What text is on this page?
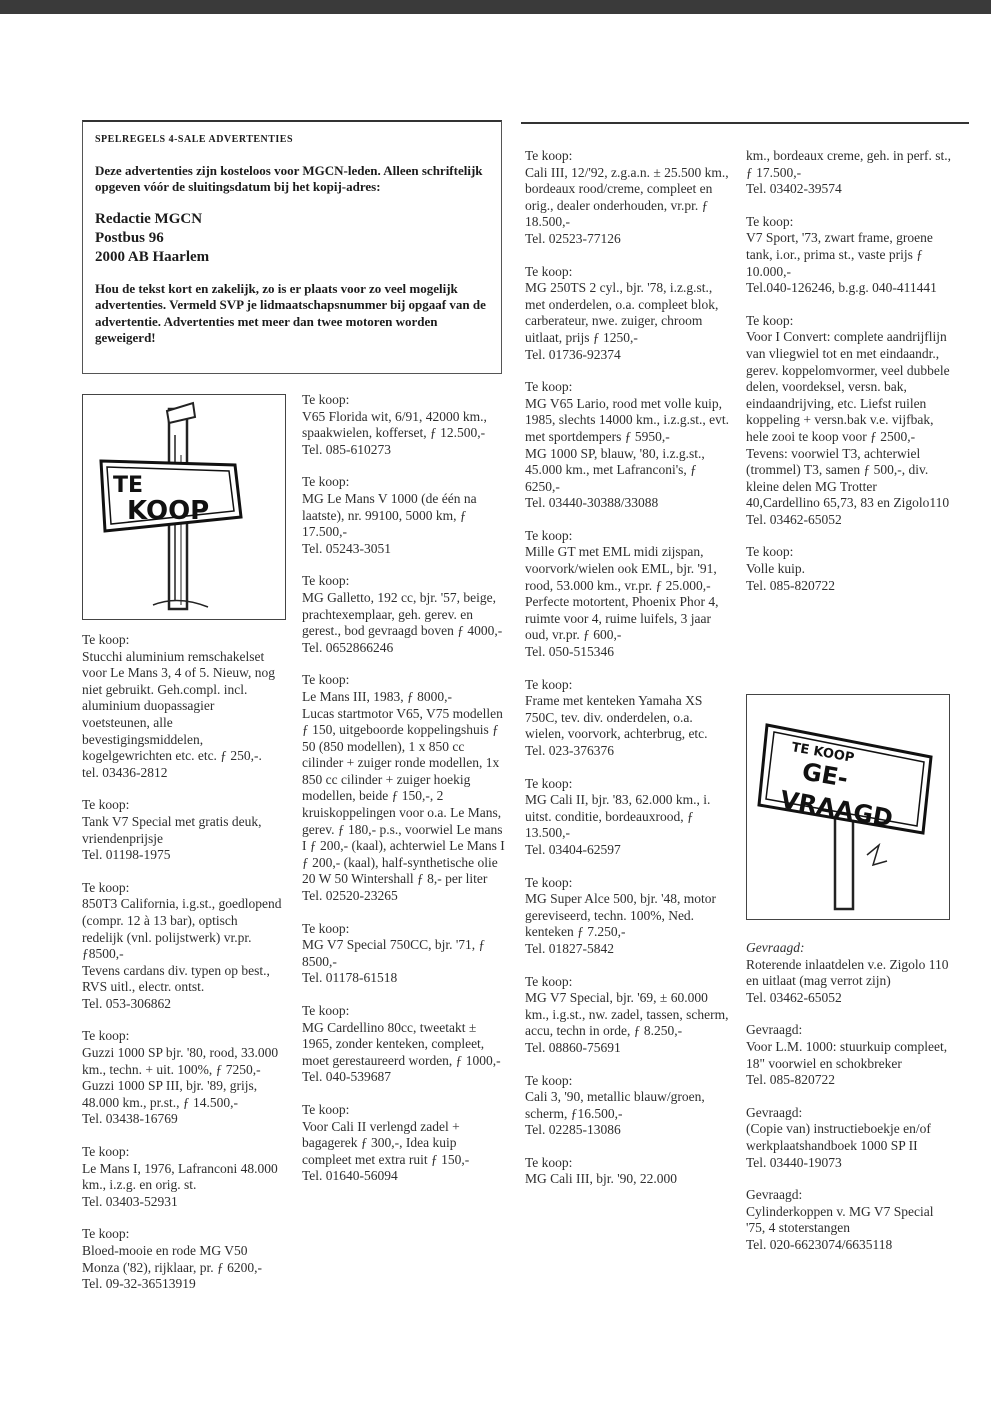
SPELREGELS 4-SALE ADVERTENTIES

Deze advertenties zijn kosteloos voor MGCN-leden. Alleen schriftelijk opgeven vóór de sluitingsdatum bij het kopij-adres:

Redactie MGCN
Postbus 96
2000 AB Haarlem

Hou de tekst kort en zakelijk, zo is er plaats voor zo veel mogelijk advertenties. Vermeld SVP je lidmaatschapsnummer bij opgaaf van de advertentie. Advertenties met meer dan twee motoren worden geweigerd!

TE
KOOP
TE KOOP
GE-
VRAAGD
Te koop:
Stucchi aluminium remschakelset voor Le Mans 3, 4 of 5. Nieuw, nog niet gebruikt. Geh.compl. incl. aluminium duopassagier voetsteunen, alle bevestigingsmiddelen, kogelgewrichten etc. etc. ƒ 250,-. tel. 03436-2812
Te koop:
Tank V7 Special met gratis deuk, vriendenprijsje
Tel. 01198-1975
Te koop:
850T3 California, i.g.st., goedlopend (compr. 12 à 13 bar), optisch redelijk (vnl. polijstwerk) vr.pr. ƒ8500,-
Tevens cardans div. typen op best., RVS uitl., electr. ontst.
Tel. 053-306862
Te koop:
Guzzi 1000 SP bjr. '80, rood, 33.000 km., techn. + uit. 100%, ƒ 7250,-
Guzzi 1000 SP III, bjr. '89, grijs, 48.000 km., pr.st., ƒ 14.500,-
Tel. 03438-16769
Te koop:
Le Mans I, 1976, Lafranconi 48.000 km., i.z.g. en orig. st.
Tel. 03403-52931
Te koop:
Bloed-mooie en rode MG V50 Monza ('82), rijklaar, pr. ƒ 6200,-
Tel. 09-32-36513919
Te koop:
V65 Florida wit, 6/91, 42000 km., spaakwielen, kofferset, ƒ 12.500,-
Tel. 085-610273
Te koop:
MG Le Mans V 1000 (de één na laatste), nr. 99100, 5000 km, ƒ 17.500,-
Tel. 05243-3051
Te koop:
MG Galletto, 192 cc, bjr. '57, beige, prachtexemplaar, geh. gerev. en gerest., bod gevraagd boven ƒ 4000,-
Tel. 0652866246
Te koop:
Le Mans III, 1983, ƒ 8000,-
Lucas startmotor V65, V75 modellen ƒ 150, uitgeboorde koppelingshuis ƒ 50 (850 modellen), 1 x 850 cc cilinder + zuiger ronde modellen, 1x 850 cc cilinder + zuiger hoekig modellen, beide ƒ 150,-, 2 kruiskoppelingen voor o.a. Le Mans, gerev. ƒ 180,- p.s., voorwiel Le mans I ƒ 200,- (kaal), achterwiel Le Mans I ƒ 200,- (kaal), half-synthetische olie 20 W 50 Wintershall ƒ 8,- per liter
Tel. 02520-23265
Te koop:
MG V7 Special 750CC, bjr. '71, ƒ 8500,-
Tel. 01178-61518
Te koop:
MG Cardellino 80cc, tweetakt ± 1965, zonder kenteken, compleet, moet gerestaureerd worden, ƒ 1000,-
Tel. 040-539687
Te koop:
Voor Cali II verlengd zadel + bagagerek ƒ 300,-, Idea kuip compleet met extra ruit ƒ 150,-
Tel. 01640-56094
Te koop:
Cali III, 12/'92, z.g.a.n. ± 25.500 km., bordeaux rood/creme, compleet en orig., dealer onderhouden, vr.pr. ƒ 18.500,-
Tel. 02523-77126
Te koop:
MG 250TS 2 cyl., bjr. '78, i.z.g.st., met onderdelen, o.a. compleet blok, carberateur, nwe. zuiger, chroom uitlaat, prijs ƒ 1250,-
Tel. 01736-92374
Te koop:
MG V65 Lario, rood met volle kuip, 1985, slechts 14000 km., i.z.g.st., evt. met sportdempers ƒ 5950,-
MG 1000 SP, blauw, '80, i.z.g.st., 45.000 km., met Lafranconi's, ƒ 6250,-
Tel. 03440-30388/33088
Te koop:
Mille GT met EML midi zijspan, voorvork/wielen ook EML, bjr. '91, rood, 53.000 km., vr.pr. ƒ 25.000,-
Perfecte motortent, Phoenix Phor 4, ruimte voor 4, ruime luifels, 3 jaar oud, vr.pr. ƒ 600,-
Tel. 050-515346
Te koop:
Frame met kenteken Yamaha XS 750C, tev. div. onderdelen, o.a. wielen, voorvork, achterbrug, etc.
Tel. 023-376376
Te koop:
MG Cali II, bjr. '83, 62.000 km., i. uitst. conditie, bordeauxrood, ƒ 13.500,-
Tel. 03404-62597
Te koop:
MG Super Alce 500, bjr. '48, motor gereviseerd, techn. 100%, Ned. kenteken ƒ 7.250,-
Tel. 01827-5842
Te koop:
MG V7 Special, bjr. '69, ± 60.000 km., i.g.st., nw. zadel, tassen, scherm, accu, techn in orde, ƒ 8.250,-
Tel. 08860-75691
Te koop:
Cali 3, '90, metallic blauw/groen, scherm, ƒ16.500,-
Tel. 02285-13086
Te koop:
MG Cali III, bjr. '90, 22.000
km., bordeaux creme, geh. in perf. st., ƒ 17.500,-
Tel. 03402-39574
Te koop:
V7 Sport, '73, zwart frame, groene tank, i.or., prima st., vaste prijs ƒ 10.000,-
Tel.040-126246, b.g.g. 040-411441
Te koop:
Voor I Convert: complete aandrijflijn van vliegwiel tot en met eindaandr., gerev. koppelomvormer, veel dubbele delen, voordeksel, versn. bak, eindaandrijving, etc. Liefst ruilen koppeling + versn.bak v.e. vijfbak, hele zooi te koop voor ƒ 2500,-
Tevens: voorwiel T3, achterwiel (trommel) T3, samen ƒ 500,-, div. kleine delen MG Trotter 40,Cardellino 65,73, 83 en Zigolo110
Tel. 03462-65052
Te koop:
Volle kuip.
Tel. 085-820722
Gevraagd:
Roterende inlaatdelen v.e. Zigolo 110 en uitlaat (mag verrot zijn)
Tel. 03462-65052
Gevraagd:
Voor L.M. 1000: stuurkuip compleet, 18" voorwiel en schokbreker
Tel. 085-820722
Gevraagd:
(Copie van) instructieboekje en/of werkplaatshandboek 1000 SP II
Tel. 03440-19073
Gevraagd:
Cylinderkoppen v. MG V7 Special '75, 4 stoterstangen
Tel. 020-6623074/6635118
